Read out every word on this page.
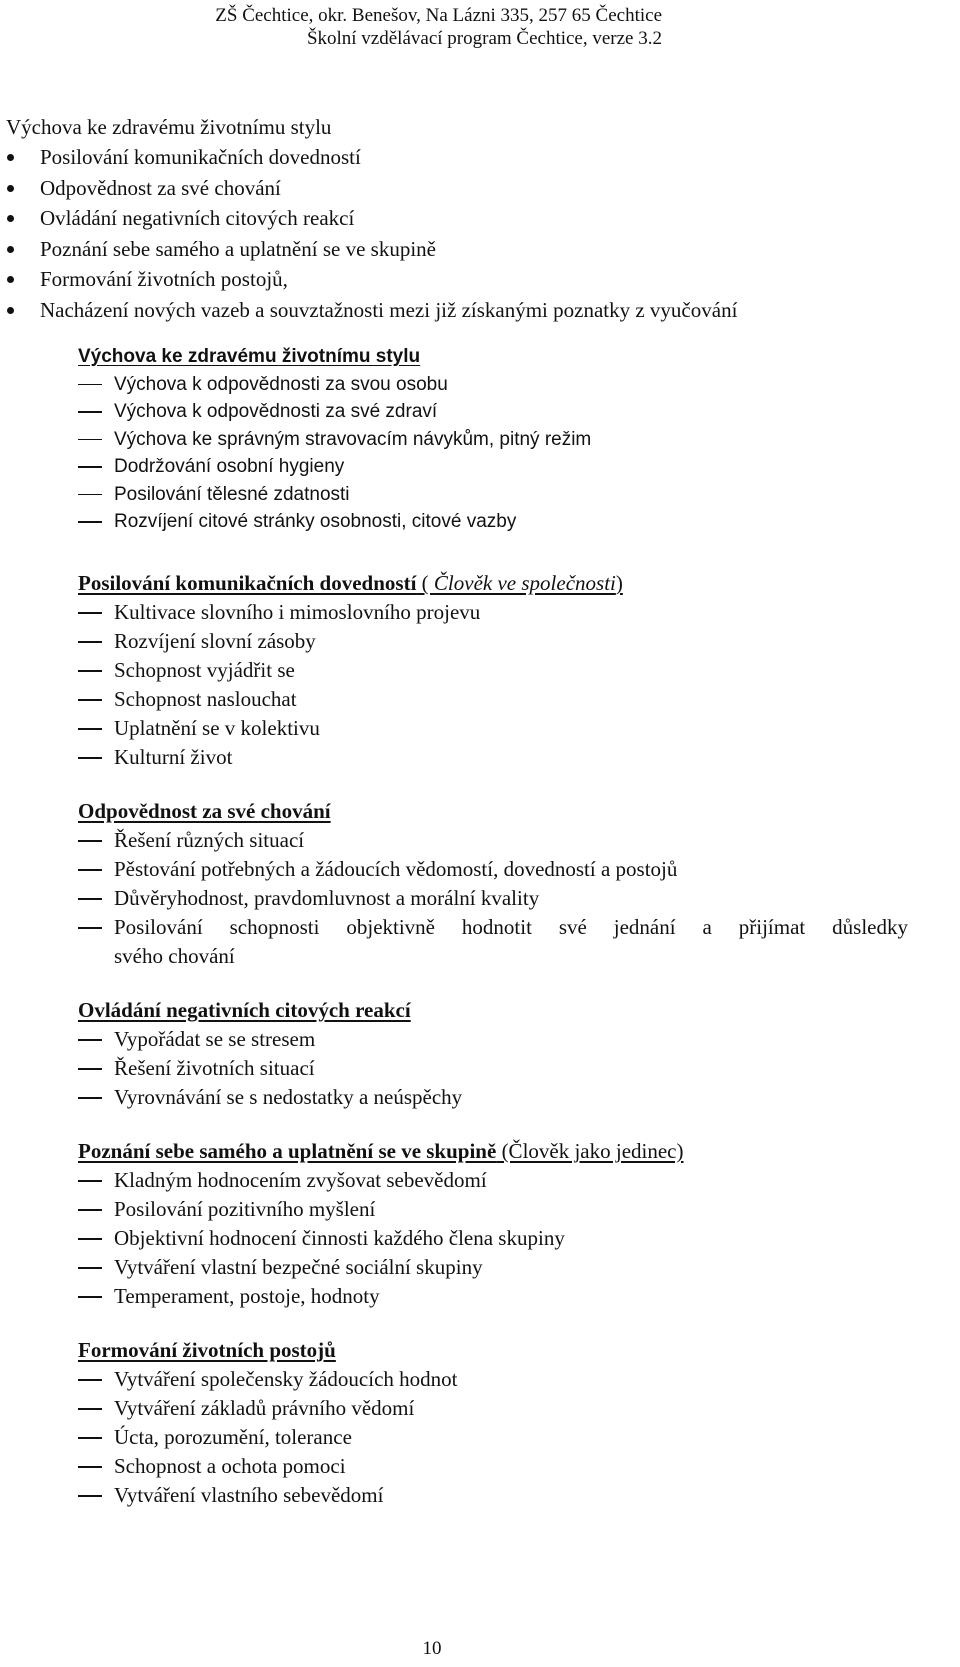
ZŠ Čechtice, okr. Benešov, Na Lázni 335, 257 65 Čechtice
Školní vzdělávací program Čechtice, verze 3.2
Výchova ke zdravému životnímu stylu
Posilování komunikačních dovedností
Odpovědnost za své chování
Ovládání negativních citových reakcí
Poznání sebe samého a uplatnění se ve skupině
Formování životních postojů,
Nacházení nových vazeb a souvztažnosti mezi již získanými poznatky z vyučování
Výchova ke zdravému životnímu stylu
Výchova k odpovědnosti za svou osobu
Výchova k odpovědnosti za své zdraví
Výchova ke správným stravovacím návykům, pitný režim
Dodržování osobní hygieny
Posilování tělesné zdatnosti
Rozvíjení citové stránky osobnosti, citové vazby
Posilování komunikačních dovedností ( Člověk ve společnosti)
Kultivace slovního i mimoslovního projevu
Rozvíjení slovní zásoby
Schopnost vyjádřit se
Schopnost naslouchat
Uplatnění se v kolektivu
Kulturní život
Odpovědnost za své chování
Řešení různých situací
Pěstování potřebných a žádoucích vědomostí, dovedností a postojů
Důvěryhodnost, pravdomluvnost a morální kvality
Posilování schopnosti objektivně hodnotit své jednání a přijímat důsledky
svého chování
Ovládání negativních citových reakcí
Vypořádat se se stresem
Řešení životních situací
Vyrovnávání se s nedostatky a neúspěchy
Poznání sebe samého a uplatnění se ve skupině (Člověk jako jedinec)
Kladným hodnocením zvyšovat sebevědomí
Posilování pozitivního myšlení
Objektivní hodnocení činnosti každého člena skupiny
Vytváření vlastní bezpečné sociální skupiny
Temperament, postoje, hodnoty
Formování životních postojů
Vytváření společensky žádoucích hodnot
Vytváření základů právního vědomí
Úcta, porozumění, tolerance
Schopnost a ochota pomoci
Vytváření vlastního sebevědomí
10
